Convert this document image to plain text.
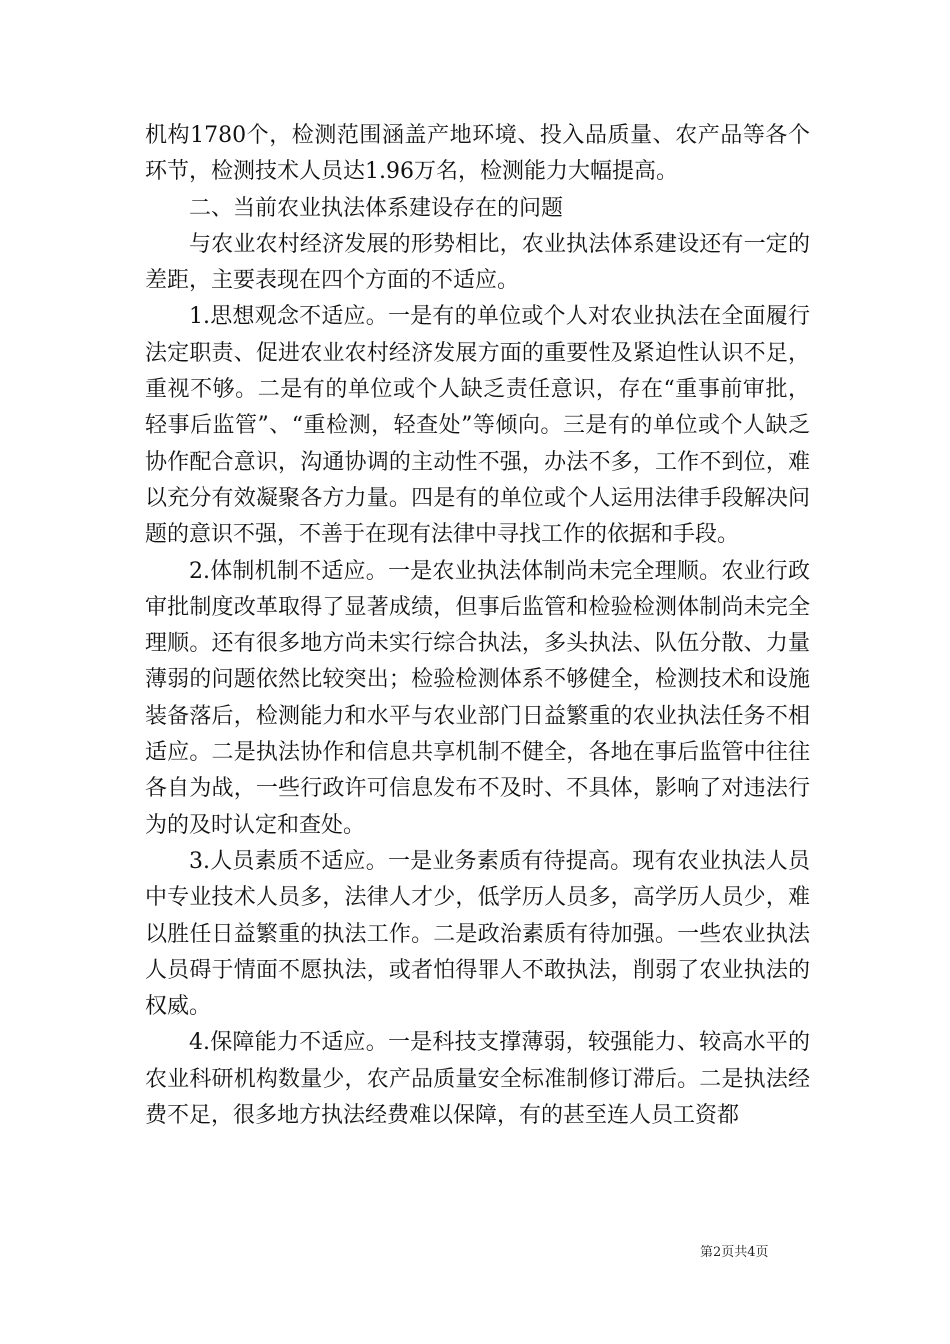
机构1780个，检测范围涵盖产地环境、投入品质量、农产品等各个环节，检测技术人员达1.96万名，检测能力大幅提高。

二、当前农业执法体系建设存在的问题

与农业农村经济发展的形势相比，农业执法体系建设还有一定的差距，主要表现在四个方面的不适应。

1.思想观念不适应。一是有的单位或个人对农业执法在全面履行法定职责、促进农业农村经济发展方面的重要性及紧迫性认识不足，重视不够。二是有的单位或个人缺乏责任意识，存在“重事前审批，轻事后监管”、“重检测，轻查处”等倾向。三是有的单位或个人缺乏协作配合意识，沟通协调的主动性不强，办法不多，工作不到位，难以充分有效凝聚各方力量。四是有的单位或个人运用法律手段解决问题的意识不强，不善于在现有法律中寻找工作的依据和手段。

2.体制机制不适应。一是农业执法体制尚未完全理顺。农业行政审批制度改革取得了显著成绩，但事后监管和检验检测体制尚未完全理顺。还有很多地方尚未实行综合执法，多头执法、队伍分散、力量薄弱的问题依然比较突出；检验检测体系不够健全，检测技术和设施装备落后，检测能力和水平与农业部门日益繁重的农业执法任务不相适应。二是执法协作和信息共享机制不健全，各地在事后监管中往往各自为战，一些行政许可信息发布不及时、不具体，影响了对违法行为的及时认定和查处。

3.人员素质不适应。一是业务素质有待提高。现有农业执法人员中专业技术人员多，法律人才少，低学历人员多，高学历人员少，难以胜任日益繁重的执法工作。二是政治素质有待加强。一些农业执法人员碍于情面不愿执法，或者怕得罪人不敢执法，削弱了农业执法的权威。

4.保障能力不适应。一是科技支撑薄弱，较强能力、较高水平的农业科研机构数量少，农产品质量安全标准制修订滞后。二是执法经费不足，很多地方执法经费难以保障，有的甚至连人员工资都

第2页共4页
